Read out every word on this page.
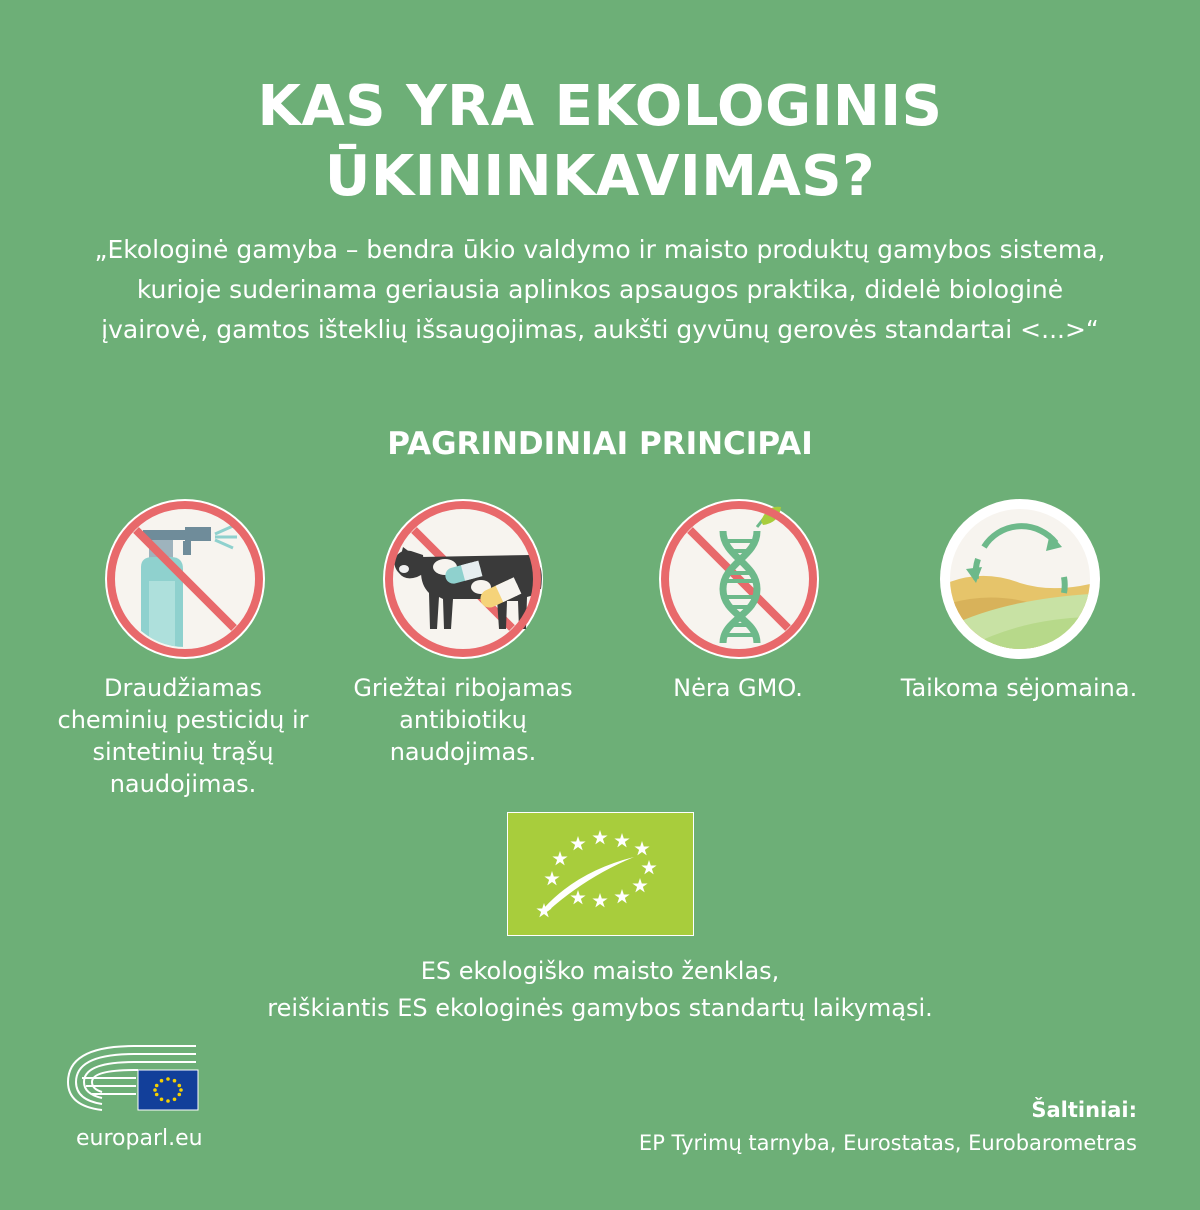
KAS YRA EKOLOGINIS
ŪKININKAVIMAS?
„Ekologinė gamyba – bendra ūkio valdymo ir maisto produktų gamybos sistema, kurioje suderinama geriausia aplinkos apsaugos praktika, didelė biologinė įvairovė, gamtos išteklių išsaugojimas, aukšti gyvūnų gerovės standartai <...>“
PAGRINDINIAI PRINCIPAI
Draudžiamas cheminių pesticidų ir sintetinių trąšų naudojimas.
Griežtai ribojamas antibiotikų naudojimas.
Nėra GMO.	Taikoma sėjomaina.
ES ekologiško maisto ženklas,
reiškiantis ES ekologinės gamybos standartų laikymąsi.
europarl.eu
Šaltiniai:
EP Tyrimų tarnyba, Eurostatas, Eurobarometras
